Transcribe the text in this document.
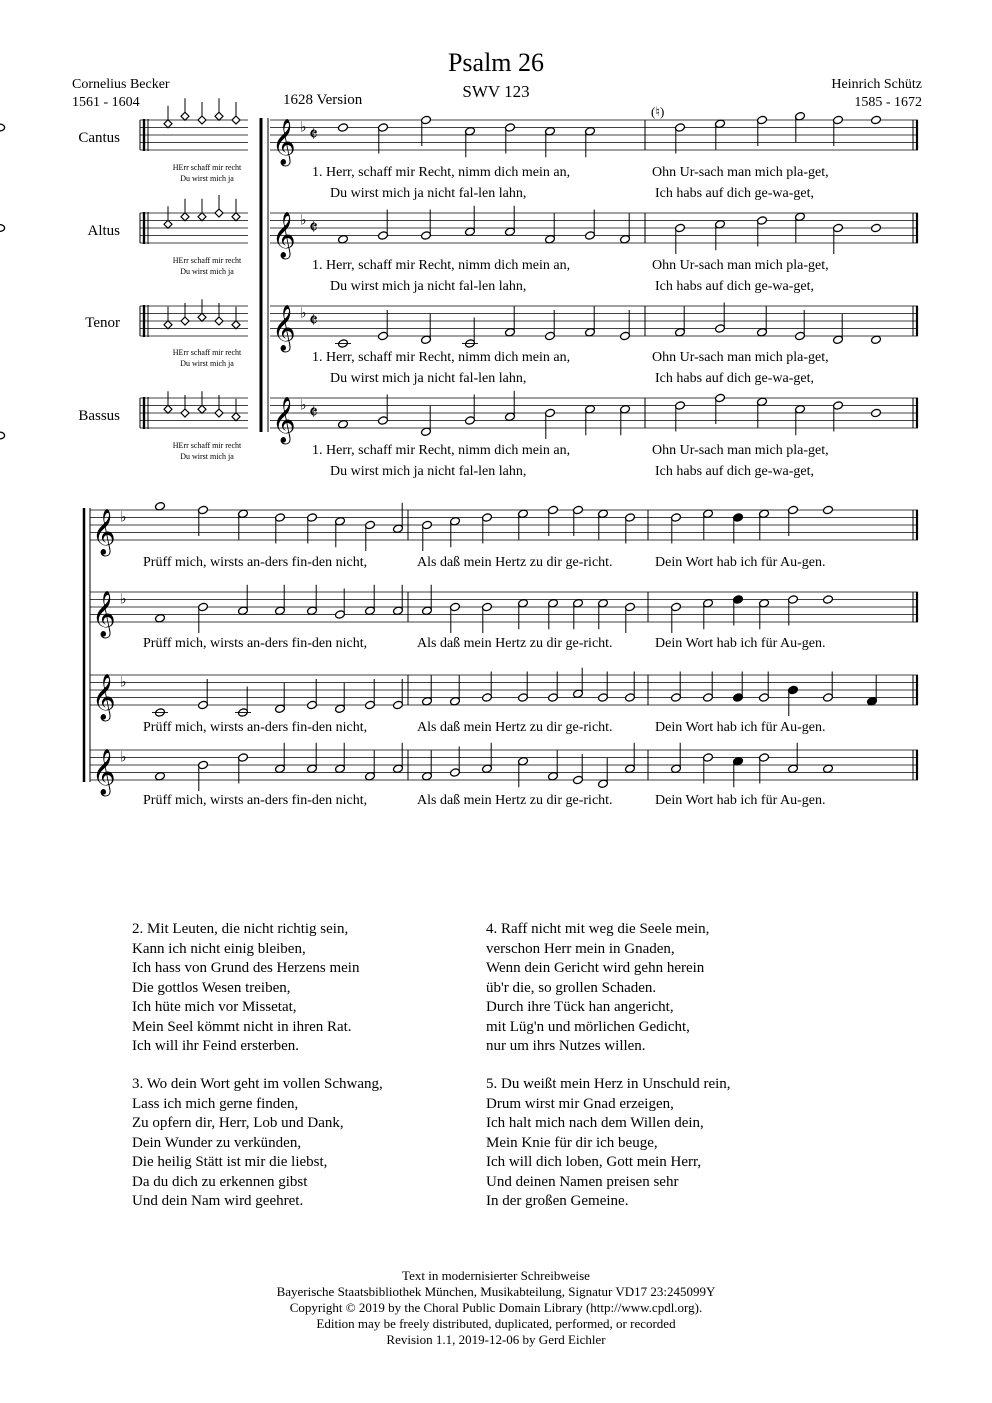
Psalm 26
SWV 123
Cornelius Becker
1561 - 1604	1628 Version
Heinrich Schütz
1585 - 1672
Cantus
Altus
Tenor
Bassus
HErr schaff mir recht
Du wirst mich ja
HErr schaff mir recht
Du wirst mich ja
HErr schaff mir recht
Du wirst mich ja
HErr schaff mir recht
Du wirst mich ja
(♮)
𝄞 ♭ 𝄵
𝄞 ♭ 𝄵
𝄞 ♭ 𝄵
𝄞 ♭ 𝄵
𝄞 ♭
𝄞 ♭
𝄞 ♭
𝄞 ♭
1. Herr, schaff mir Recht, nimm dich mein an,	Ohn Ur-sach man mich pla-get,
Du wirst mich ja nicht fal-len lahn,	Ich habs auf dich ge-wa-get,
1. Herr, schaff mir Recht, nimm dich mein an,	Ohn Ur-sach man mich pla-get,
Du wirst mich ja nicht fal-len lahn,	Ich habs auf dich ge-wa-get,
1. Herr, schaff mir Recht, nimm dich mein an,	Ohn Ur-sach man mich pla-get,
Du wirst mich ja nicht fal-len lahn,	Ich habs auf dich ge-wa-get,
1. Herr, schaff mir Recht, nimm dich mein an,	Ohn Ur-sach man mich pla-get,
Du wirst mich ja nicht fal-len lahn,	Ich habs auf dich ge-wa-get,
Prüff mich, wirsts an-ders fin-den nicht,	Als daß mein Hertz zu dir ge-richt.	Dein Wort hab ich für Au-gen.
Prüff mich, wirsts an-ders fin-den nicht,	Als daß mein Hertz zu dir ge-richt.	Dein Wort hab ich für Au-gen.
Prüff mich, wirsts an-ders fin-den nicht,	Als daß mein Hertz zu dir ge-richt.	Dein Wort hab ich für Au-gen.
Prüff mich, wirsts an-ders fin-den nicht,	Als daß mein Hertz zu dir ge-richt.	Dein Wort hab ich für Au-gen.
2. Mit Leuten, die nicht richtig sein,
Kann ich nicht einig bleiben,
Ich hass von Grund des Herzens mein
Die gottlos Wesen treiben,
Ich hüte mich vor Missetat,
Mein Seel kömmt nicht in ihren Rat.
Ich will ihr Feind ersterben.
3. Wo dein Wort geht im vollen Schwang,
Lass ich mich gerne finden,
Zu opfern dir, Herr, Lob und Dank,
Dein Wunder zu verkünden,
Die heilig Stätt ist mir die liebst,
Da du dich zu erkennen gibst
Und dein Nam wird geehret.
4. Raff nicht mit weg die Seele mein,
verschon Herr mein in Gnaden,
Wenn dein Gericht wird gehn herein
üb'r die, so grollen Schaden.
Durch ihre Tück han angericht,
mit Lüg'n und mörlichen Gedicht,
nur um ihrs Nutzes willen.
5. Du weißt mein Herz in Unschuld rein,
Drum wirst mir Gnad erzeigen,
Ich halt mich nach dem Willen dein,
Mein Knie für dir ich beuge,
Ich will dich loben, Gott mein Herr,
Und deinen Namen preisen sehr
In der großen Gemeine.
Text in modernisierter Schreibweise
Bayerische Staatsbibliothek München, Musikabteilung, Signatur VD17 23:245099Y
Copyright © 2019 by the Choral Public Domain Library (http://www.cpdl.org).
Edition may be freely distributed, duplicated, performed, or recorded
Revision 1.1, 2019-12-06 by Gerd Eichler
